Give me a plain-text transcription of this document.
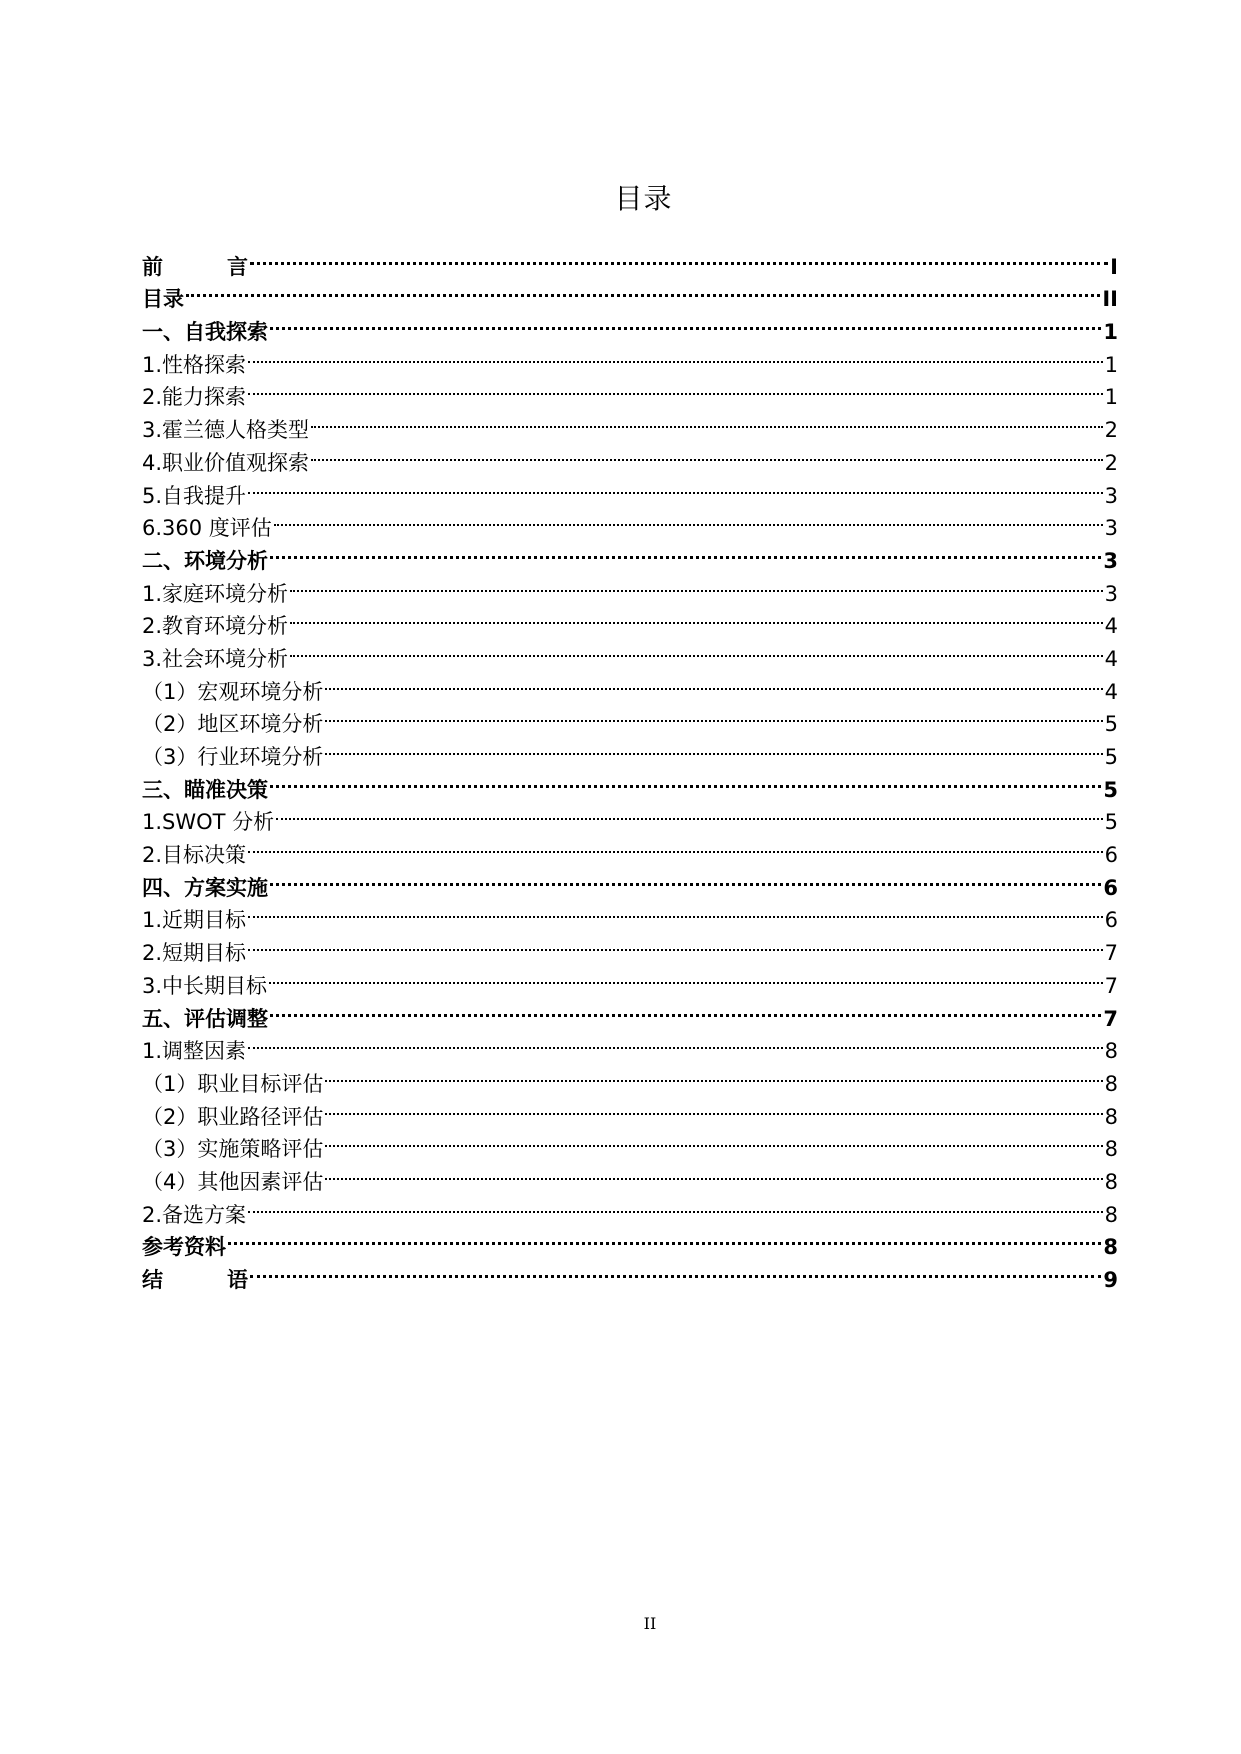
目录
前	言	I
目录	II
一、自我探索	1
1.性格探索	1
2.能力探索	1
3.霍兰德人格类型	2
4.职业价值观探索	2
5.自我提升	3
6.360 度评估	3
二、环境分析	3
1.家庭环境分析	3
2.教育环境分析	4
3.社会环境分析	4
（1）宏观环境分析	4
（2）地区环境分析	5
（3）行业环境分析	5
三、瞄准决策	5
1.SWOT 分析	5
2.目标决策	6
四、方案实施	6
1.近期目标	6
2.短期目标	7
3.中长期目标	7
五、评估调整	7
1.调整因素	8
（1）职业目标评估	8
（2）职业路径评估	8
（3）实施策略评估	8
（4）其他因素评估	8
2.备选方案	8
参考资料	8
结	语	9
II
